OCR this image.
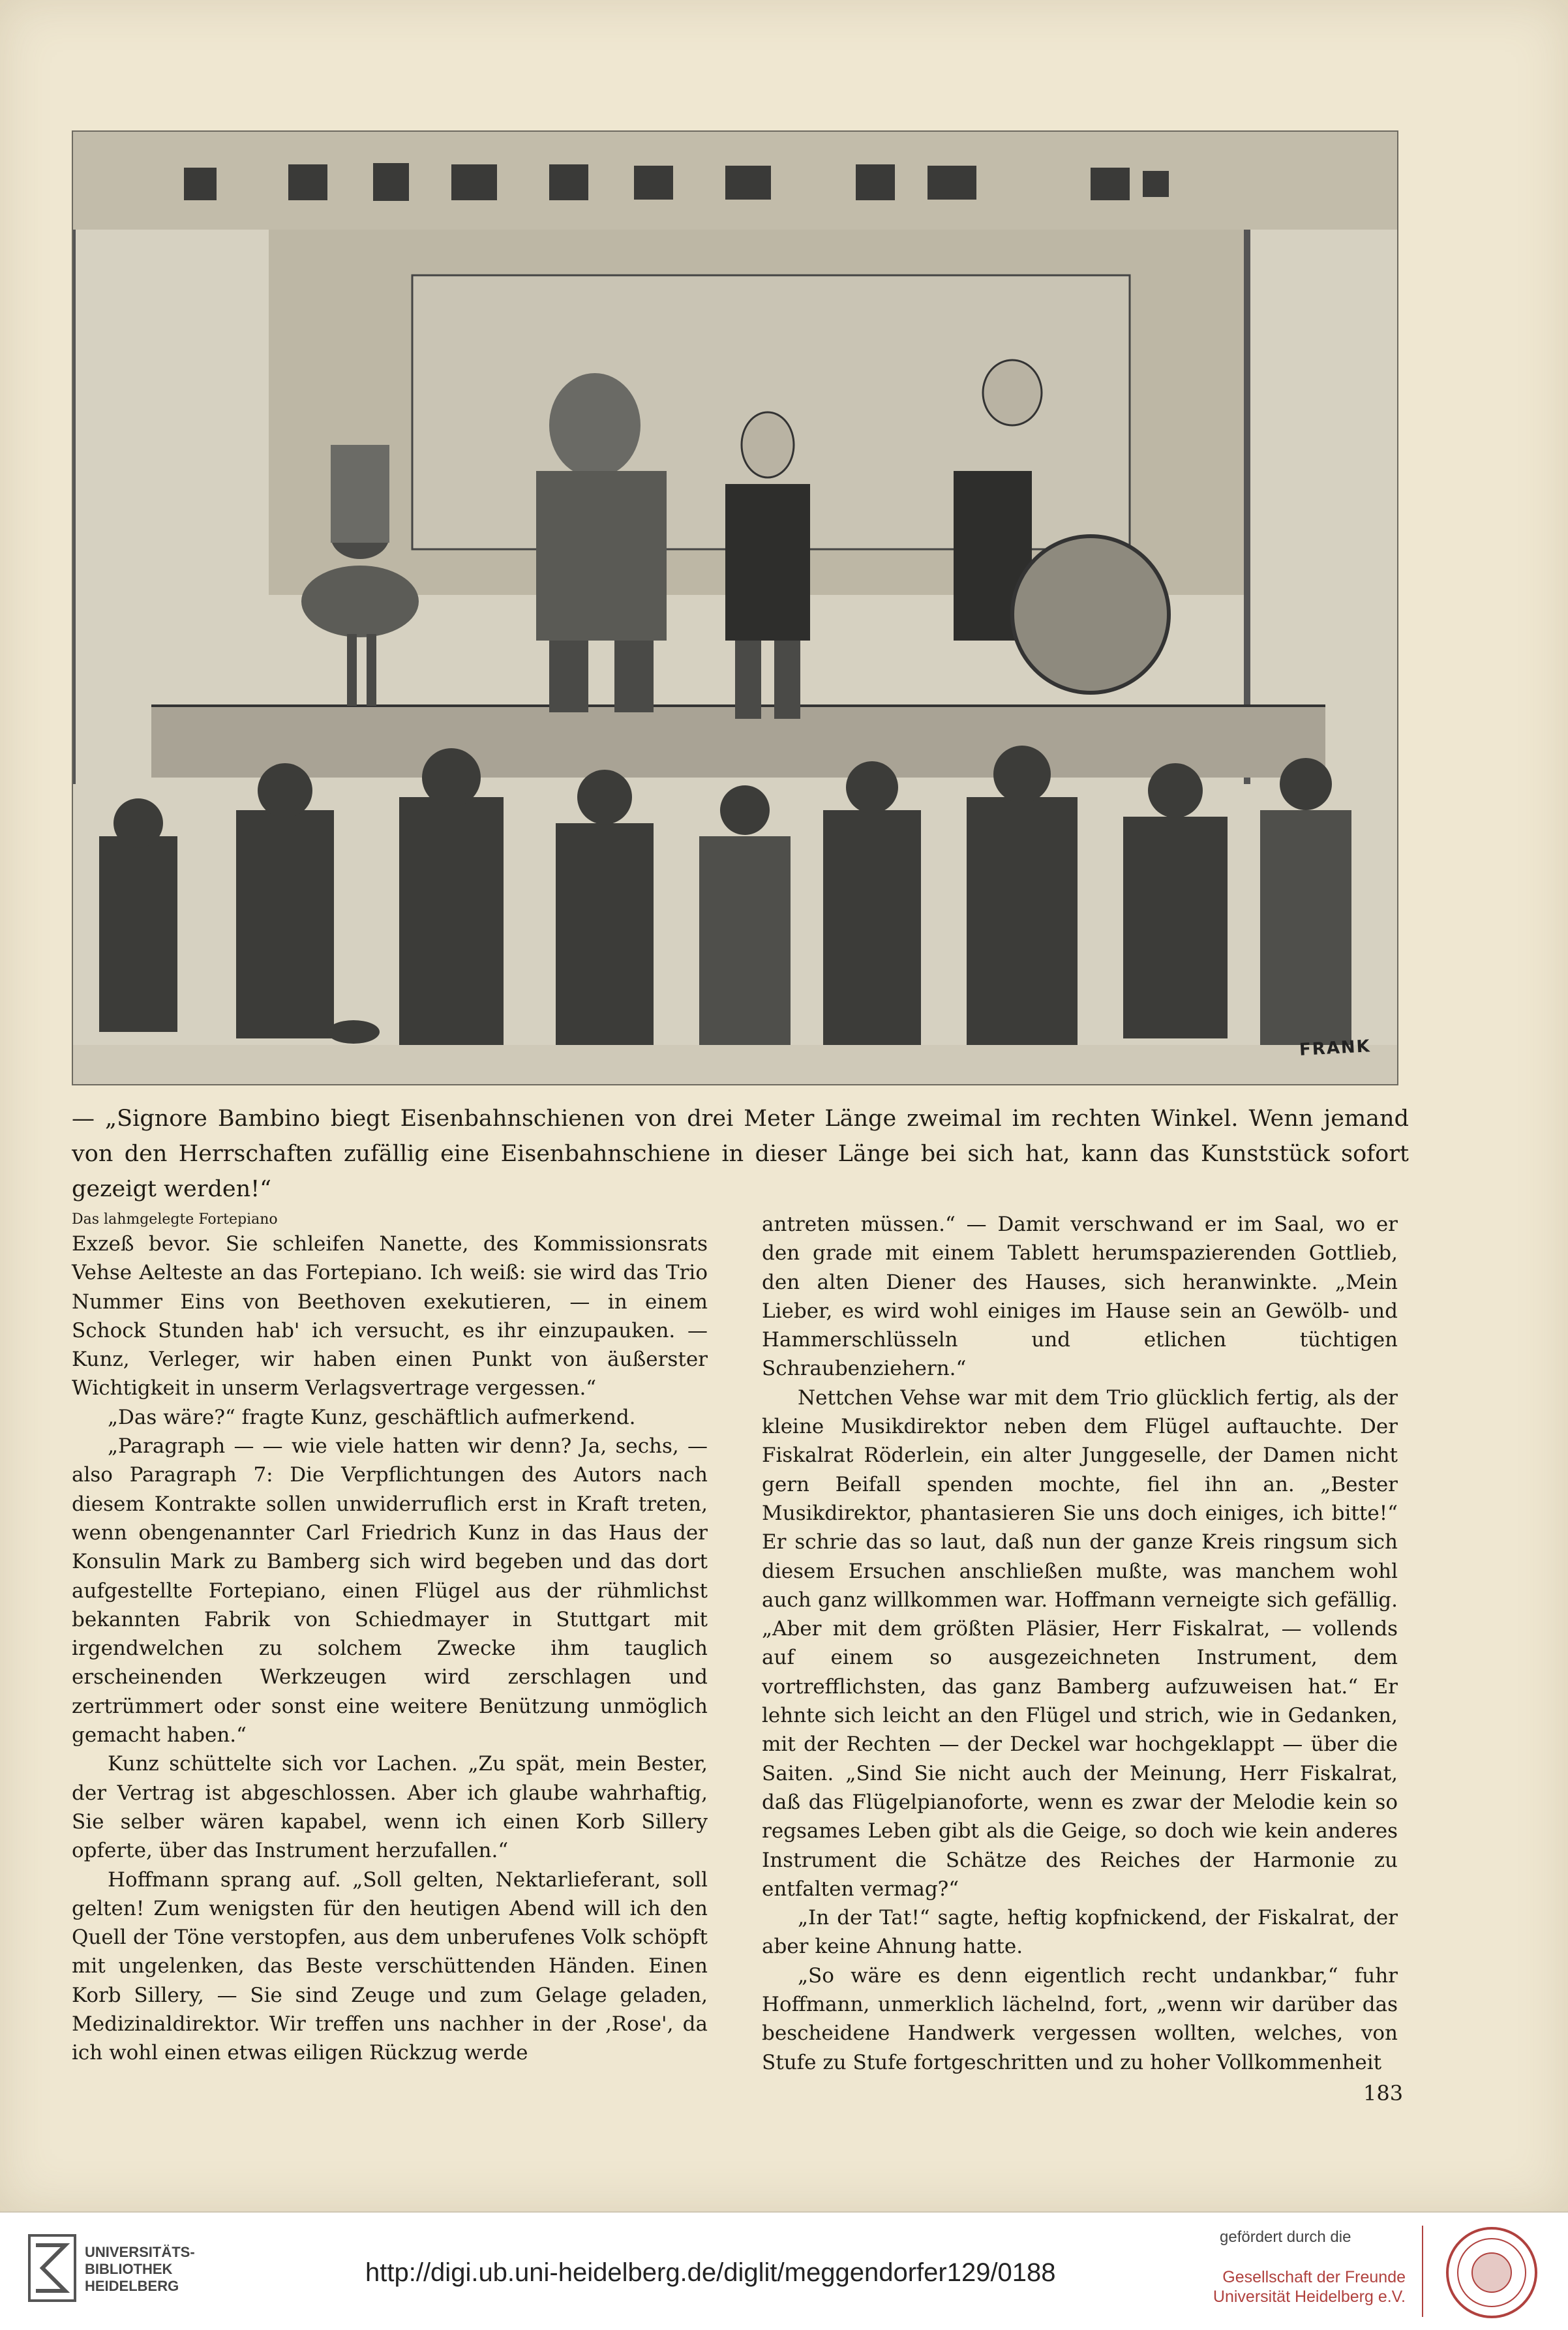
FRANK
— „Signore Bambino biegt Eisenbahnschienen von drei Meter Länge zweimal im rechten Winkel. Wenn jemand von den Herrschaften zufällig eine Eisenbahnschiene in dieser Länge bei sich hat, kann das Kunststück sofort gezeigt werden!“

Das lahmgelegte Fortepiano

Exzeß bevor. Sie schleifen Nanette, des Kommissionsrats Vehse Aelteste an das Fortepiano. Ich weiß: sie wird das Trio Nummer Eins von Beethoven exekutieren, — in einem Schock Stunden hab' ich versucht, es ihr einzupauken. — Kunz, Verleger, wir haben einen Punkt von äußerster Wichtigkeit in unserm Verlagsvertrage vergessen.“

„Das wäre?“ fragte Kunz, geschäftlich aufmerkend.

„Paragraph — — wie viele hatten wir denn? Ja, sechs, — also Paragraph 7: Die Verpflichtungen des Autors nach diesem Kontrakte sollen unwiderruflich erst in Kraft treten, wenn obengenannter Carl Friedrich Kunz in das Haus der Konsulin Mark zu Bamberg sich wird begeben und das dort aufgestellte Fortepiano, einen Flügel aus der rühmlichst bekannten Fabrik von Schiedmayer in Stuttgart mit irgendwelchen zu solchem Zwecke ihm tauglich erscheinenden Werkzeugen wird zerschlagen und zertrümmert oder sonst eine weitere Benützung unmöglich gemacht haben.“

Kunz schüttelte sich vor Lachen. „Zu spät, mein Bester, der Vertrag ist abgeschlossen. Aber ich glaube wahrhaftig, Sie selber wären kapabel, wenn ich einen Korb Sillery opferte, über das Instrument herzufallen.“

Hoffmann sprang auf. „Soll gelten, Nektarlieferant, soll gelten! Zum wenigsten für den heutigen Abend will ich den Quell der Töne verstopfen, aus dem unberufenes Volk schöpft mit ungelenken, das Beste verschüttenden Händen. Einen Korb Sillery, — Sie sind Zeuge und zum Gelage geladen, Medizinaldirektor. Wir treffen uns nachher in der ‚Rose', da ich wohl einen etwas eiligen Rückzug werde

antreten müssen.“ — Damit verschwand er im Saal, wo er den grade mit einem Tablett herumspazierenden Gottlieb, den alten Diener des Hauses, sich heranwinkte. „Mein Lieber, es wird wohl einiges im Hause sein an Gewölb- und Hammerschlüsseln und etlichen tüchtigen Schraubenziehern.“

Nettchen Vehse war mit dem Trio glücklich fertig, als der kleine Musikdirektor neben dem Flügel auftauchte. Der Fiskalrat Röderlein, ein alter Junggeselle, der Damen nicht gern Beifall spenden mochte, fiel ihn an. „Bester Musikdirektor, phantasieren Sie uns doch einiges, ich bitte!“ Er schrie das so laut, daß nun der ganze Kreis ringsum sich diesem Ersuchen anschließen mußte, was manchem wohl auch ganz willkommen war. Hoffmann verneigte sich gefällig. „Aber mit dem größten Pläsier, Herr Fiskalrat, — vollends auf einem so ausgezeichneten Instrument, dem vortrefflichsten, das ganz Bamberg aufzuweisen hat.“ Er lehnte sich leicht an den Flügel und strich, wie in Gedanken, mit der Rechten — der Deckel war hochgeklappt — über die Saiten. „Sind Sie nicht auch der Meinung, Herr Fiskalrat, daß das Flügelpianoforte, wenn es zwar der Melodie kein so regsames Leben gibt als die Geige, so doch wie kein anderes Instrument die Schätze des Reiches der Harmonie zu entfalten vermag?“

„In der Tat!“ sagte, heftig kopfnickend, der Fiskalrat, der aber keine Ahnung hatte.

„So wäre es denn eigentlich recht undankbar,“ fuhr Hoffmann, unmerklich lächelnd, fort, „wenn wir darüber das bescheidene Handwerk vergessen wollten, welches, von Stufe zu Stufe fortgeschritten und zu hoher Vollkommenheit

183
UNIVERSITÄTS-
BIBLIOTHEK
HEIDELBERG	http://digi.ub.uni-heidelberg.de/diglit/meggendorfer129/0188
gefördert durch die
Gesellschaft der Freunde
Universität Heidelberg e.V.
